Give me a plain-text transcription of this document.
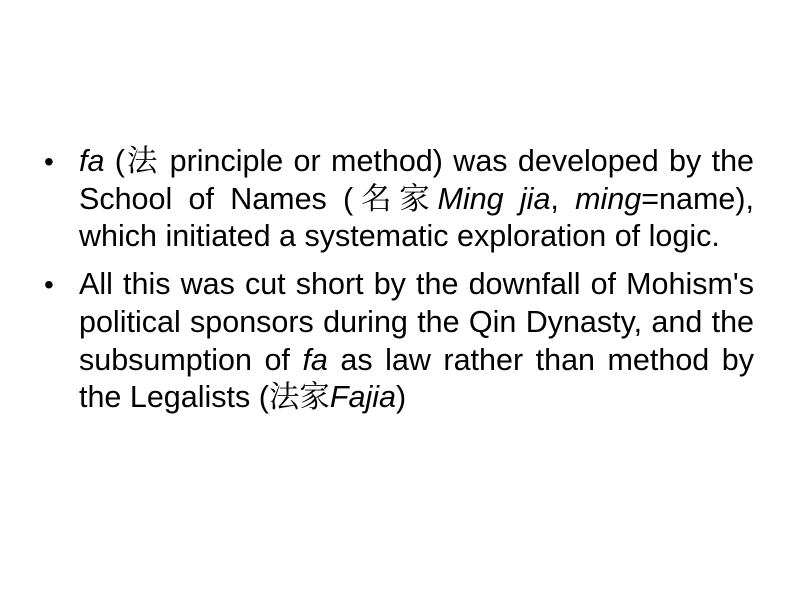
• fa (法 principle or method) was developed by the School of Names (名家Ming jia, ming=name), which initiated a systematic exploration of logic.
• All this was cut short by the downfall of Mohism's political sponsors during the Qin Dynasty, and the subsumption of fa as law rather than method by the Legalists (法家Fajia)
